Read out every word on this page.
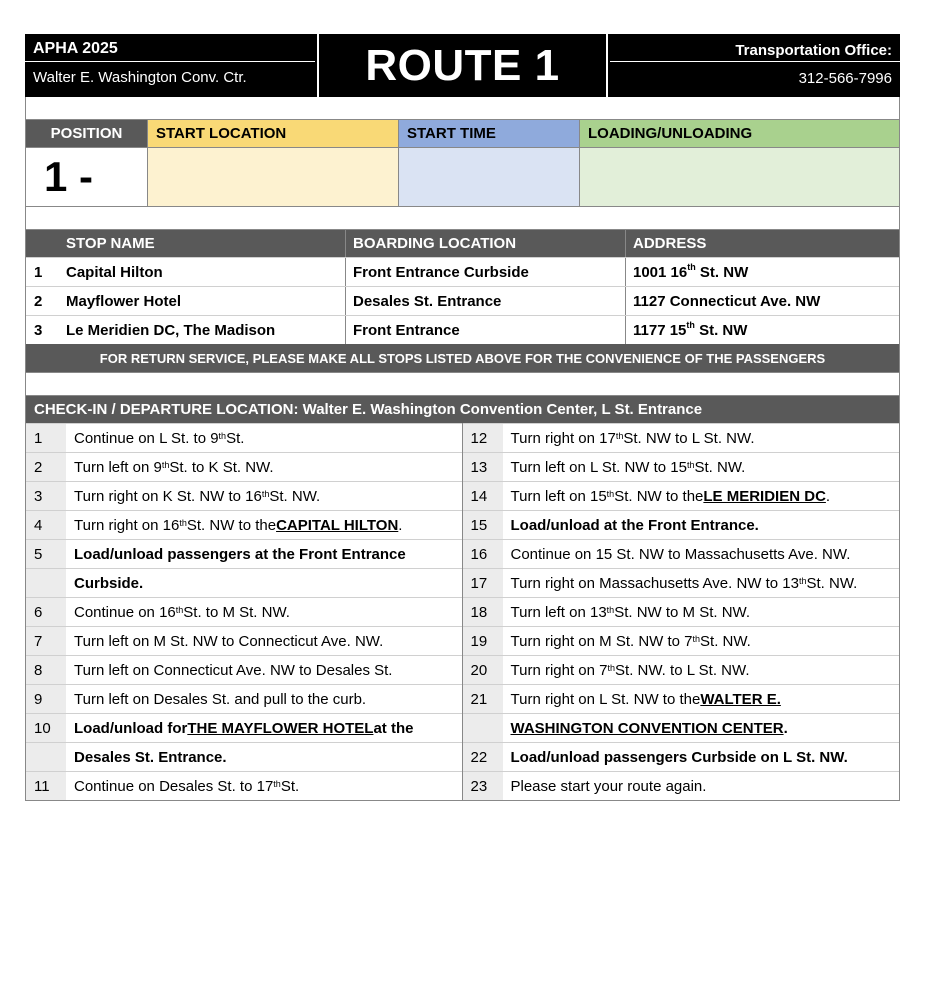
APHA 2025
Walter E. Washington Conv. Ctr.	ROUTE 1	Transportation Office:
312-566-7996
POSITION	START LOCATION	START TIME	LOADING/UNLOADING
1 -
STOP NAME	BOARDING LOCATION	ADDRESS
1	Capital Hilton	Front Entrance Curbside	1001 16th St. NW
2	Mayflower Hotel	Desales St. Entrance	1127 Connecticut Ave. NW
3	Le Meridien DC, The Madison	Front Entrance	1177 15th St. NW
FOR RETURN SERVICE, PLEASE MAKE ALL STOPS LISTED ABOVE FOR THE CONVENIENCE OF THE PASSENGERS
CHECK-IN / DEPARTURE LOCATION: Walter E. Washington Convention Center, L St. Entrance
1	Continue on L St. to 9th St.
2	Turn left on 9th St. to K St. NW.
3	Turn right on K St. NW to 16th St. NW.
4	Turn right on 16th St. NW to the CAPITAL HILTON .
5	Load/unload passengers at the Front Entrance
Curbside.
6	Continue on 16th St. to M St. NW.
7	Turn left on M St. NW to Connecticut Ave. NW.
8	Turn left on Connecticut Ave. NW to Desales St.
9	Turn left on Desales St. and pull to the curb.
10	Load/unload for THE MAYFLOWER HOTEL at the
Desales St. Entrance.
11	Continue on Desales St. to 17th St.
12	Turn right on 17th St. NW to L St. NW.
13	Turn left on L St. NW to 15th St. NW.
14	Turn left on 15th St. NW to the LE MERIDIEN DC .
15	Load/unload at the Front Entrance.
16	Continue on 15 St. NW to Massachusetts Ave. NW.
17	Turn right on Massachusetts Ave. NW to 13th St. NW.
18	Turn left on 13th St. NW to M St. NW.
19	Turn right on M St. NW to 7th St. NW.
20	Turn right on 7th St. NW. to L St. NW.
21	Turn right on L St. NW to the WALTER E.
WASHINGTON CONVENTION CENTER .
22	Load/unload passengers Curbside on L St. NW.
23	Please start your route again.
